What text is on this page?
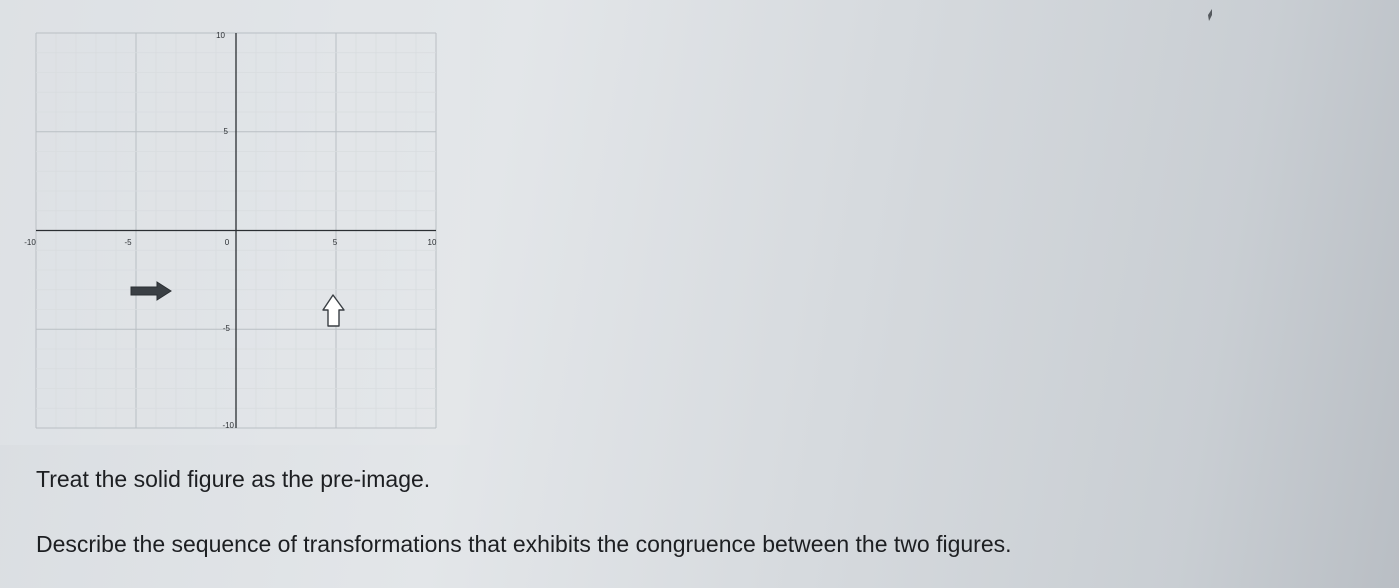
-10	-5	0	5	10
10
5
-5
-10

Treat the solid figure as the pre-image.

Describe the sequence of transformations that exhibits the congruence between the two figures.
